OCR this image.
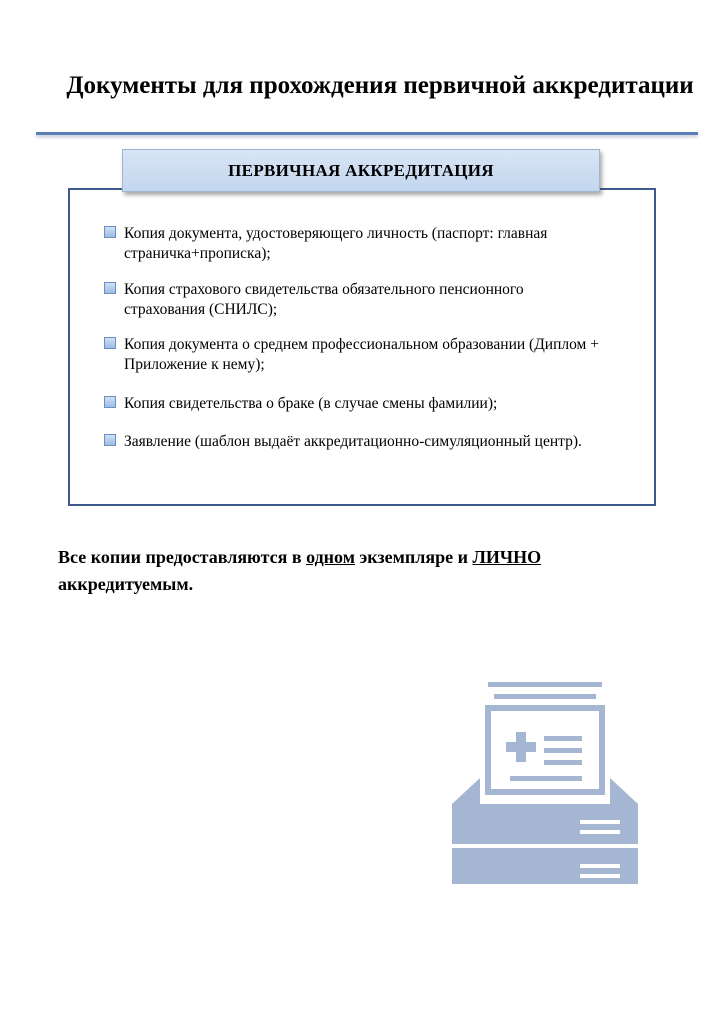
Документы для прохождения первичной аккредитации
ПЕРВИЧНАЯ АККРЕДИТАЦИЯ
Копия документа, удостоверяющего личность (паспорт: главная страничка+прописка);
Копия страхового свидетельства обязательного пенсионного страхования (СНИЛС);
Копия документа о среднем профессиональном образовании (Диплом + Приложение к нему);
Копия свидетельства о браке (в случае смены фамилии);
Заявление (шаблон выдаёт аккредитационно-симуляционный центр).
Все копии предоставляются в одном экземпляре и ЛИЧНО аккредитуемым.
